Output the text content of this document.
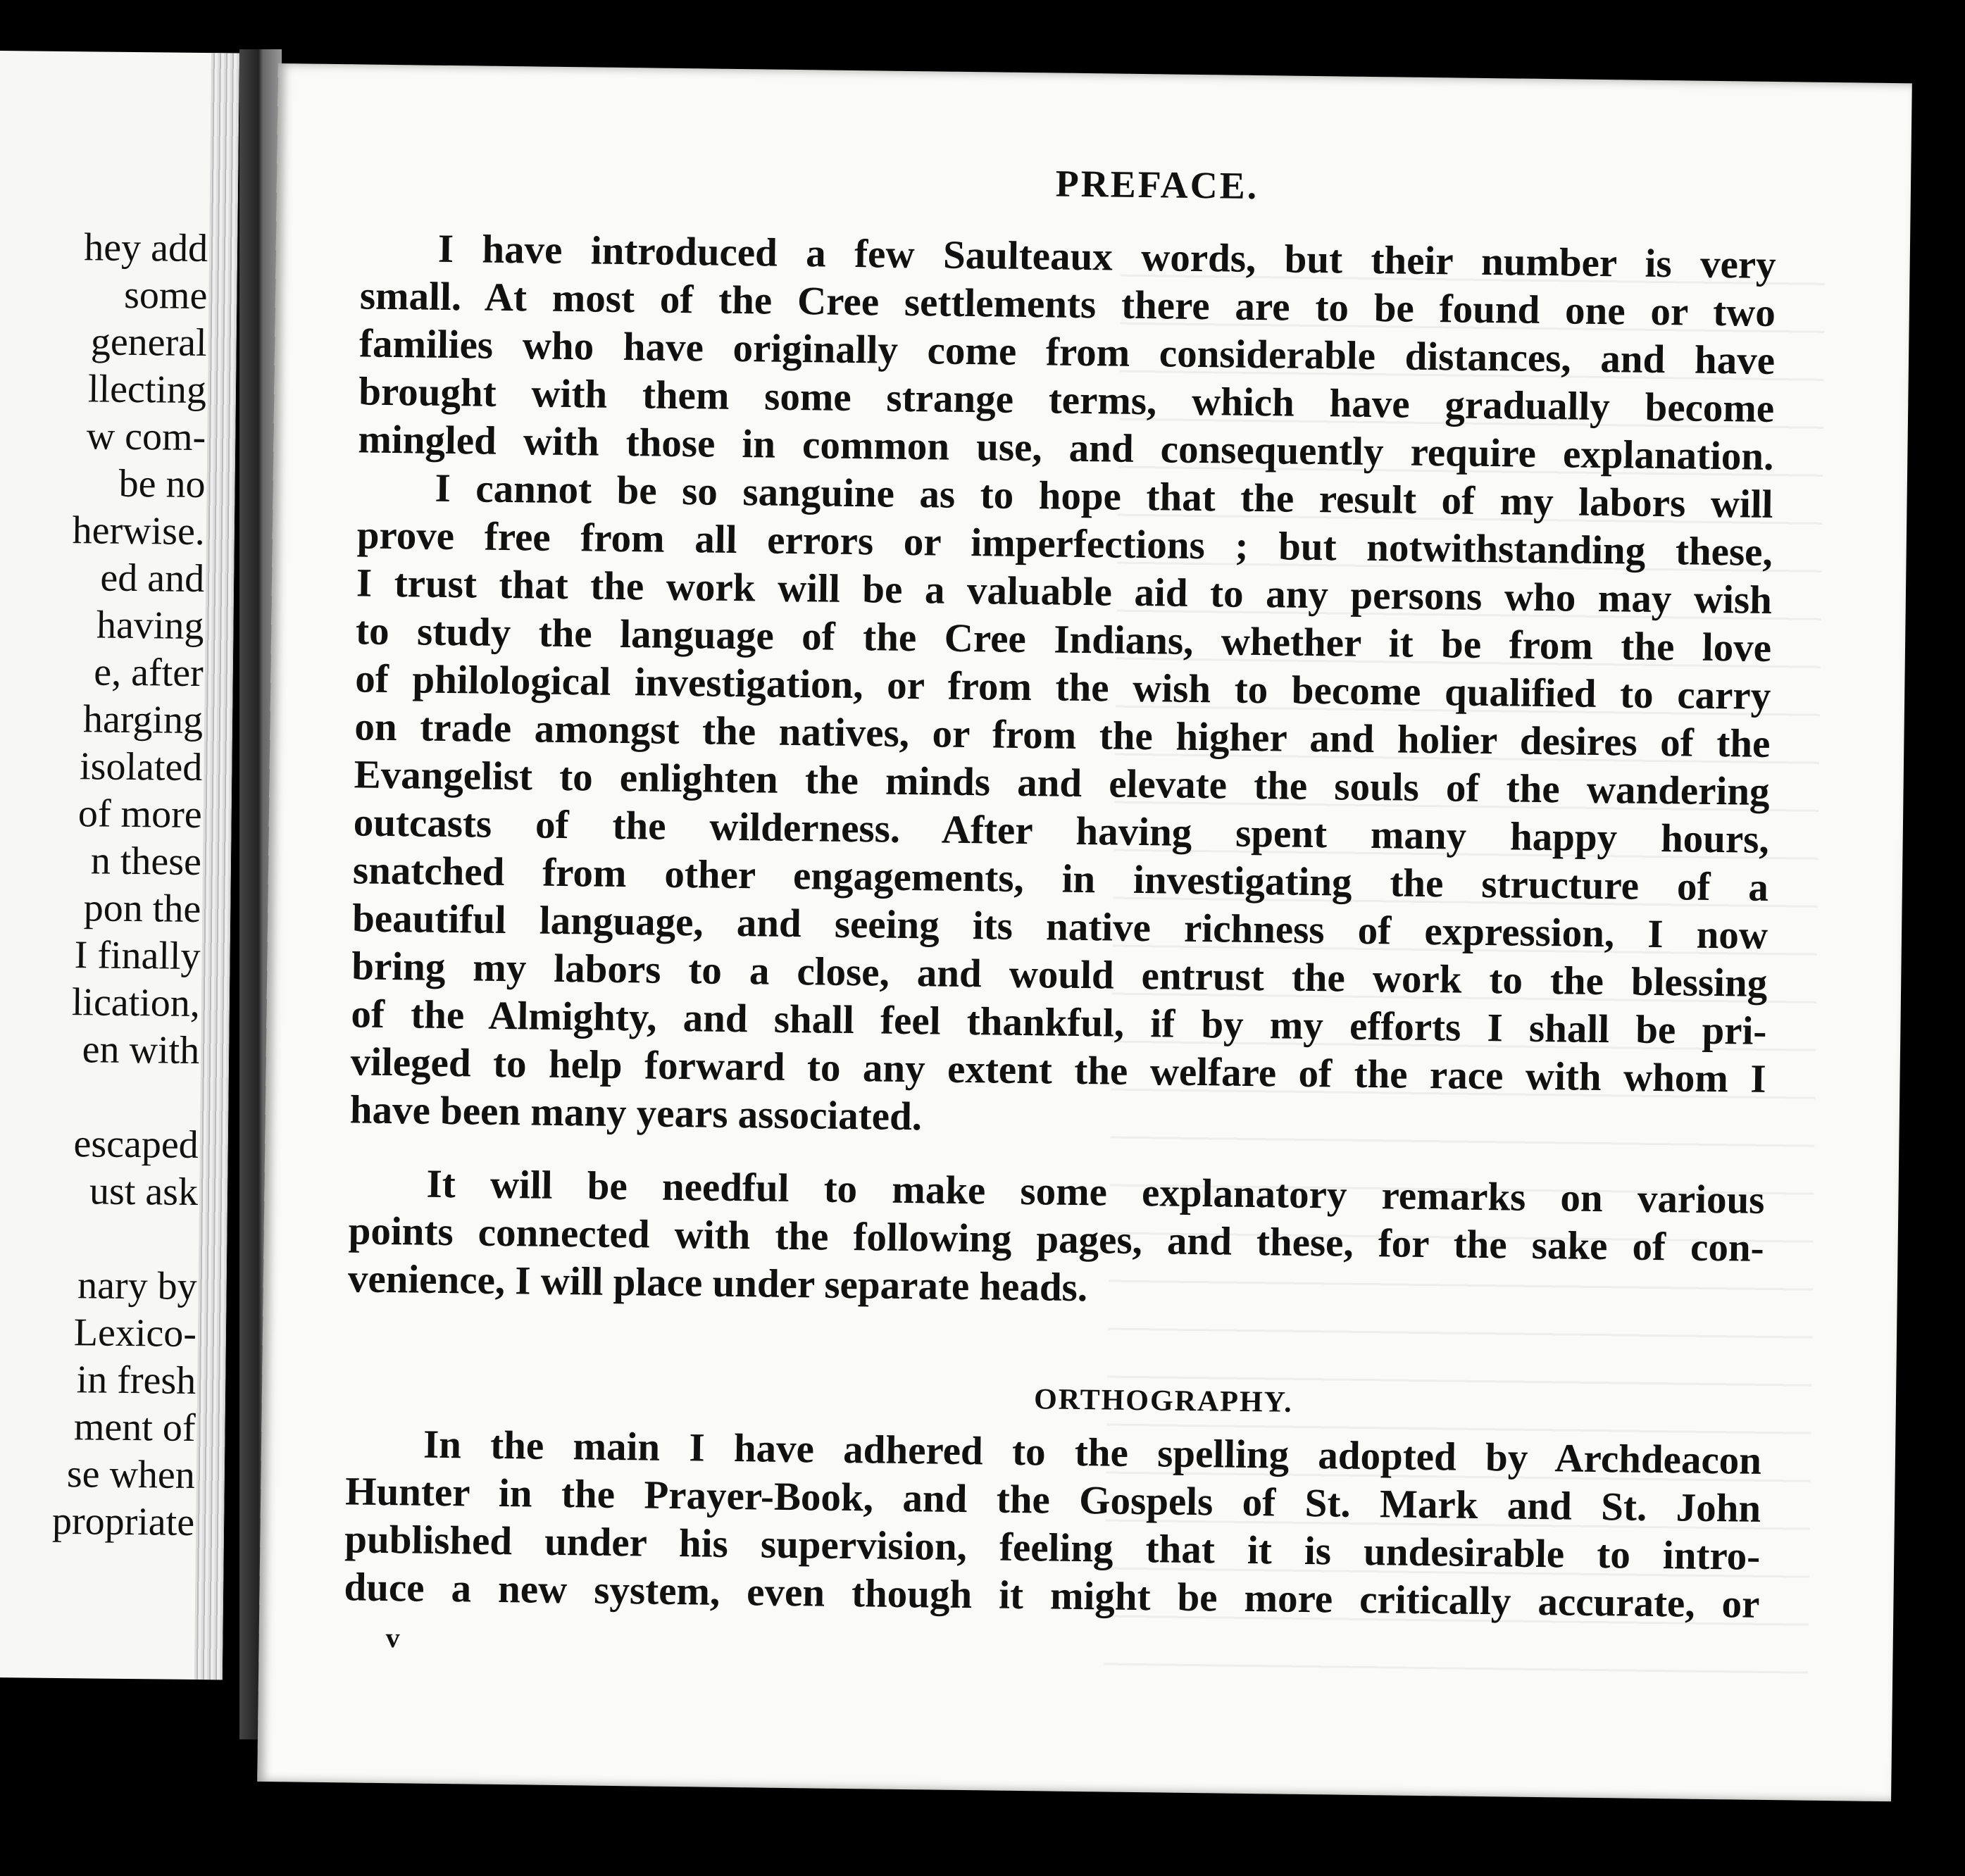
hey add
some
general
llecting
w com-
be no
herwise.
ed and
having
e, after
harging
isolated
of more
n these
pon the
I finally
lication,
en with
escaped
ust ask
nary by
Lexico-
in fresh
ment of
se when
propriate
PREFACE.
I have introduced a few Saulteaux words, but their number is very
small. At most of the Cree settlements there are to be found one or two
families who have originally come from considerable distances, and have
brought with them some strange terms, which have gradually become
mingled with those in common use, and consequently require explanation.
I cannot be so sanguine as to hope that the result of my labors will
prove free from all errors or imperfections ; but notwithstanding these,
I trust that the work will be a valuable aid to any persons who may wish
to study the language of the Cree Indians, whether it be from the love
of philological investigation, or from the wish to become qualified to carry
on trade amongst the natives, or from the higher and holier desires of the
Evangelist to enlighten the minds and elevate the souls of the wandering
outcasts of the wilderness. After having spent many happy hours,
snatched from other engagements, in investigating the structure of a
beautiful language, and seeing its native richness of expression, I now
bring my labors to a close, and would entrust the work to the blessing
of the Almighty, and shall feel thankful, if by my efforts I shall be pri-
vileged to help forward to any extent the welfare of the race with whom I
have been many years associated.
It will be needful to make some explanatory remarks on various
points connected with the following pages, and these, for the sake of con-
venience, I will place under separate heads.
ORTHOGRAPHY.
In the main I have adhered to the spelling adopted by Archdeacon
Hunter in the Prayer-Book, and the Gospels of St. Mark and St. John
published under his supervision, feeling that it is undesirable to intro-
duce a new system, even though it might be more critically accurate, or
v
